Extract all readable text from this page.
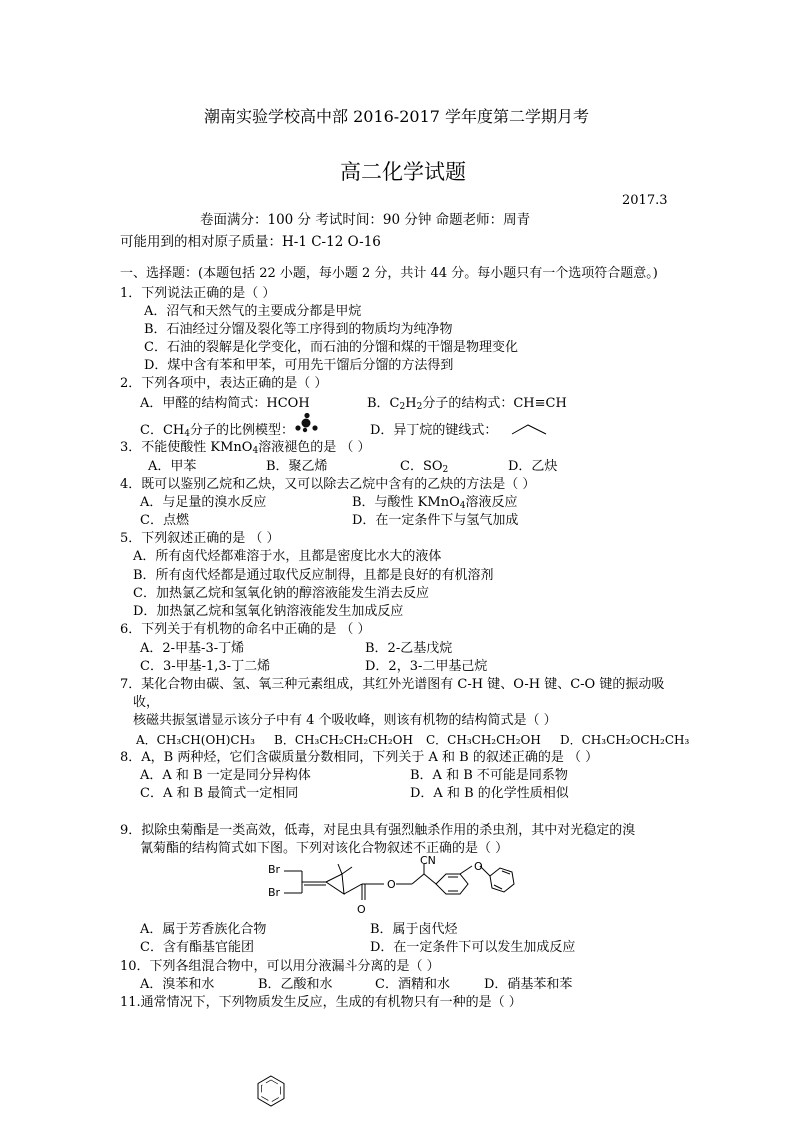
潮南实验学校高中部 2016-2017 学年度第二学期月考
高二化学试题
2017.3
卷面满分：100 分 考试时间：90 分钟 命题老师：周青
可能用到的相对原子质量：H-1 C-12 O-16
一、选择题：(本题包括 22 小题，每小题 2 分，共计 44 分。每小题只有一个选项符合题意。)
1．下列说法正确的是（ ）
A．沼气和天然气的主要成分都是甲烷
B．石油经过分馏及裂化等工序得到的物质均为纯净物
C．石油的裂解是化学变化，而石油的分馏和煤的干馏是物理变化
D．煤中含有苯和甲苯，可用先干馏后分馏的方法得到
2．下列各项中，表达正确的是（ ）
A．甲醛的结构简式：HCOH	B．$C_2H_2$分子的结构式：CH≡CH
C．$CH_4$分子的比例模型：	D．异丁烷的键线式：
3．不能使酸性 KMnO$_4$溶液褪色的是 （ ）
A．甲苯	B．聚乙烯	C．$SO_2$	D．乙炔
4．既可以鉴别乙烷和乙炔，又可以除去乙烷中含有的乙炔的方法是（ ）
A．与足量的溴水反应	B．与酸性 KMnO$_4$溶液反应
C．点燃	D．在一定条件下与氢气加成
5．下列叙述正确的是 （ ）
A．所有卤代烃都难溶于水，且都是密度比水大的液体
B．所有卤代烃都是通过取代反应制得，且都是良好的有机溶剂
C．加热氯乙烷和氢氧化钠的醇溶液能发生消去反应
D．加热氯乙烷和氢氧化钠溶液能发生加成反应
6．下列关于有机物的命名中正确的是 （ ）
A．2-甲基-3-丁烯	B．2-乙基戊烷
C．3-甲基-1,3-丁二烯	D．2，3-二甲基己烷
7．某化合物由碳、氢、氧三种元素组成，其红外光谱图有 C-H 键、O-H 键、C-O 键的振动吸
收，
核磁共振氢谱显示该分子中有 4 个吸收峰，则该有机物的结构简式是（ ）
A．CH₃CH(OH)CH₃ B．CH₃CH₂CH₂CH₂OH C．CH₃CH₂CH₂OH D．CH₃CH₂OCH₂CH₃
8．A，B 两种烃，它们含碳质量分数相同，下列关于 A 和 B 的叙述正确的是 （ ）
A．A 和 B 一定是同分异构体	B．A 和 B 不可能是同系物
C．A 和 B 最简式一定相同	D．A 和 B 的化学性质相似
9．拟除虫菊酯是一类高效，低毒，对昆虫具有强烈触杀作用的杀虫剂，其中对光稳定的溴
氰菊酯的结构简式如下图。下列对该化合物叙述不正确的是（ ）
Br
Br
CN
O
O
O
A．属于芳香族化合物	B．属于卤代烃
C．含有酯基官能团	D．在一定条件下可以发生加成反应
10．下列各组混合物中，可以用分液漏斗分离的是（ ）
A．溴苯和水	B．乙酸和水	C．酒精和水	D．硝基苯和苯
11.通常情况下，下列物质发生反应，生成的有机物只有一种的是（ ）
